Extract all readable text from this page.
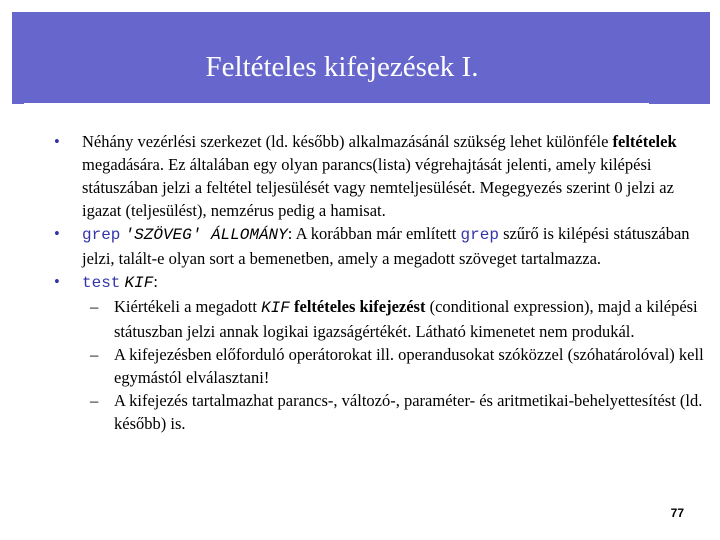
Feltételes kifejezések I.
• Néhány vezérlési szerkezet (ld. később) alkalmazásánál szükség lehet különféle feltételek megadására. Ez általában egy olyan parancs(lista) végrehajtását jelenti, amely kilépési státuszában jelzi a feltétel teljesülését vagy nemteljesülését. Megegyezés szerint 0 jelzi az igazat (teljesülést), nemzérus pedig a hamisat.
• grep 'SZÖVEG' ÁLLOMÁNY: A korábban már említett grep szűrő is kilépési státuszában jelzi, talált-e olyan sort a bemenetben, amely a megadott szöveget tartalmazza.
• test KIF:
– Kiértékeli a megadott KIF feltételes kifejezést (conditional expression), majd a kilépési státuszban jelzi annak logikai igazságértékét. Látható kimenetet nem produkál.
– A kifejezésben előforduló operátorokat ill. operandusokat szóközzel (szóhatárolóval) kell egymástól elválasztani!
– A kifejezés tartalmazhat parancs-, változó-, paraméter- és aritmetikai-behelyettesítést (ld. később) is.
77
